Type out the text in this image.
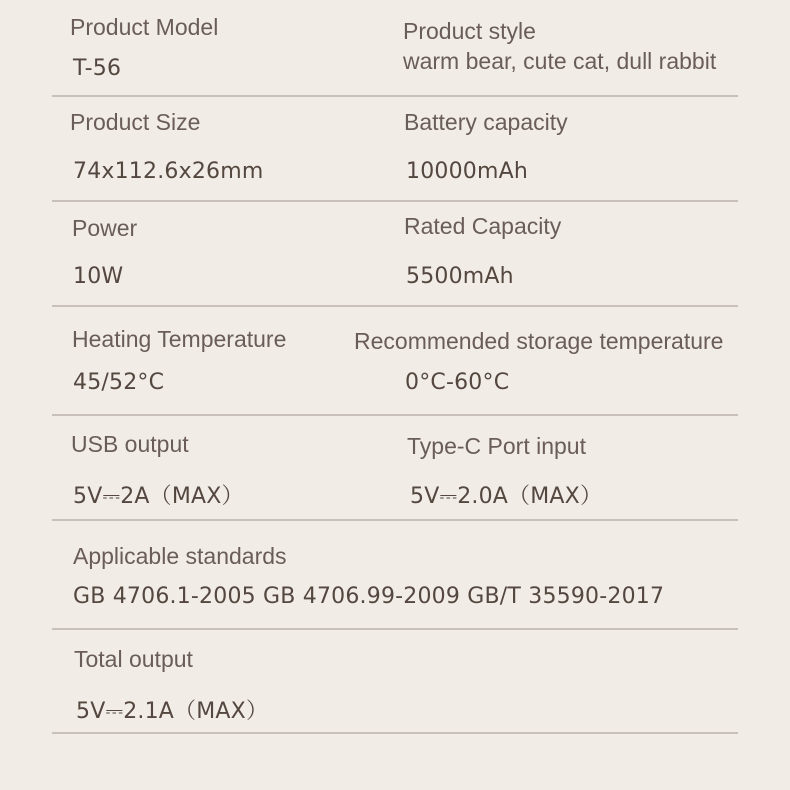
Product Model
T-56
Product style
warm bear, cute cat, dull rabbit
Product Size
74x112.6x26mm
Battery capacity
10000mAh
Power
10W
Rated Capacity
5500mAh
Heating Temperature
45/52°C
Recommended storage temperature
0°C-60°C
USB output
5V⎓2A（MAX）
Type-C Port input
5V⎓2.0A（MAX）
Applicable standards
GB 4706.1-2005 GB 4706.99-2009 GB/T 35590-2017
Total output
5V⎓2.1A（MAX）
